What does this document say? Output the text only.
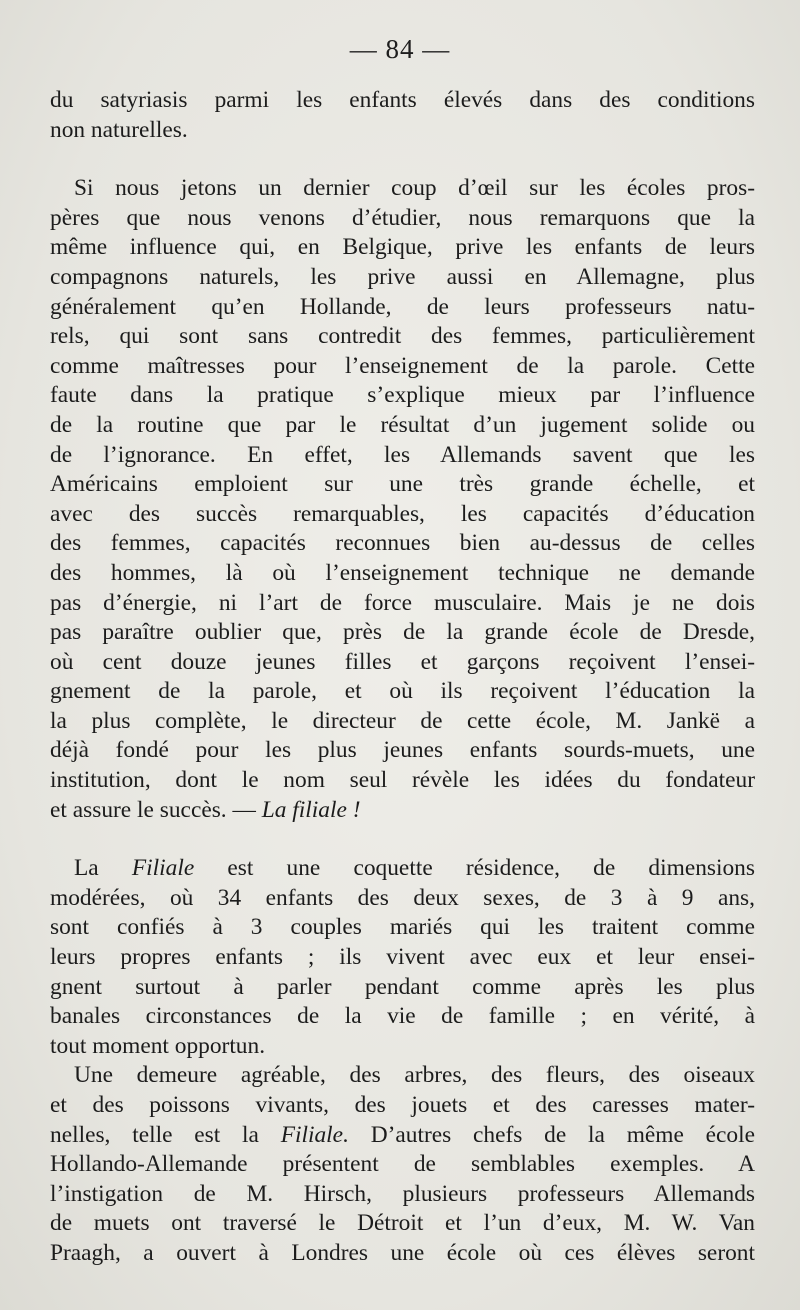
— 84 —
du satyriasis parmi les enfants élevés dans des conditions
non naturelles.
Si nous jetons un dernier coup d’œil sur les écoles pros-
pères que nous venons d’étudier, nous remarquons que la
même influence qui, en Belgique, prive les enfants de leurs
compagnons naturels, les prive aussi en Allemagne, plus
généralement qu’en Hollande, de leurs professeurs natu-
rels, qui sont sans contredit des femmes, particulièrement
comme maîtresses pour l’enseignement de la parole. Cette
faute dans la pratique s’explique mieux par l’influence
de la routine que par le résultat d’un jugement solide ou
de l’ignorance. En effet, les Allemands savent que les
Américains emploient sur une très grande échelle, et
avec des succès remarquables, les capacités d’éducation
des femmes, capacités reconnues bien au-dessus de celles
des hommes, là où l’enseignement technique ne demande
pas d’énergie, ni l’art de force musculaire. Mais je ne dois
pas paraître oublier que, près de la grande école de Dresde,
où cent douze jeunes filles et garçons reçoivent l’ensei-
gnement de la parole, et où ils reçoivent l’éducation la
la plus complète, le directeur de cette école, M. Jankë a
déjà fondé pour les plus jeunes enfants sourds-muets, une
institution, dont le nom seul révèle les idées du fondateur
et assure le succès. — La filiale !
La Filiale est une coquette résidence, de dimensions
modérées, où 34 enfants des deux sexes, de 3 à 9 ans,
sont confiés à 3 couples mariés qui les traitent comme
leurs propres enfants ; ils vivent avec eux et leur ensei-
gnent surtout à parler pendant comme après les plus
banales circonstances de la vie de famille ; en vérité, à
tout moment opportun.
Une demeure agréable, des arbres, des fleurs, des oiseaux
et des poissons vivants, des jouets et des caresses mater-
nelles, telle est la Filiale. D’autres chefs de la même école
Hollando-Allemande présentent de semblables exemples. A
l’instigation de M. Hirsch, plusieurs professeurs Allemands
de muets ont traversé le Détroit et l’un d’eux, M. W. Van
Praagh, a ouvert à Londres une école où ces élèves seront
